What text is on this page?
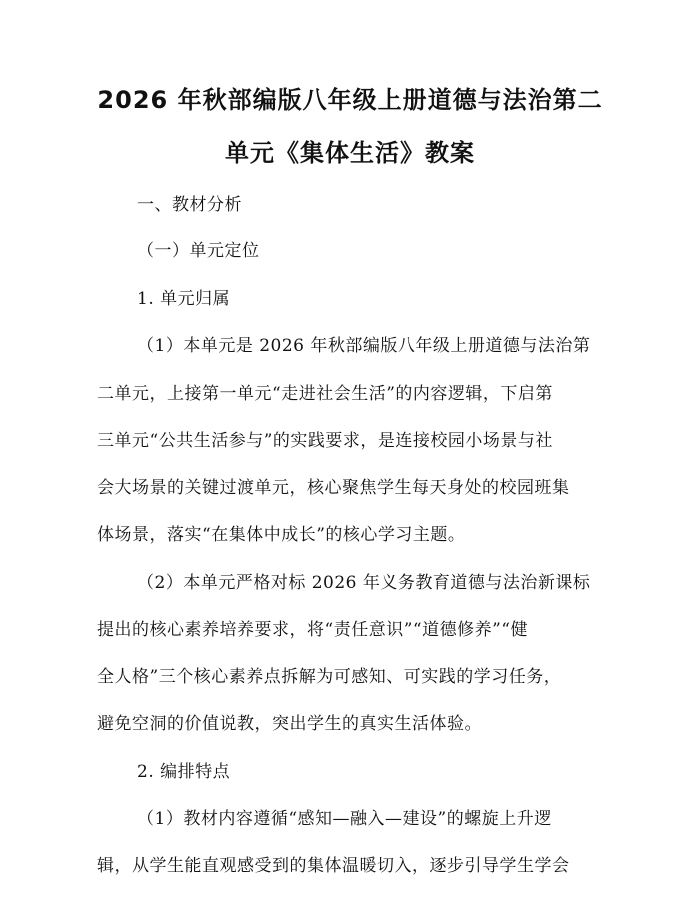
2026 年秋部编版八年级上册道德与法治第二
单元《集体生活》教案
一、教材分析
（一）单元定位
1. 单元归属
（1）本单元是 2026 年秋部编版八年级上册道德与法治第
二单元，上接第一单元“走进社会生活”的内容逻辑，下启第
三单元“公共生活参与”的实践要求，是连接校园小场景与社
会大场景的关键过渡单元，核心聚焦学生每天身处的校园班集
体场景，落实“在集体中成长”的核心学习主题。
（2）本单元严格对标 2026 年义务教育道德与法治新课标
提出的核心素养培养要求，将“责任意识”“道德修养”“健
全人格”三个核心素养点拆解为可感知、可实践的学习任务，
避免空洞的价值说教，突出学生的真实生活体验。
2. 编排特点
（1）教材内容遵循“感知—融入—建设”的螺旋上升逻
辑，从学生能直观感受到的集体温暖切入，逐步引导学生学会
